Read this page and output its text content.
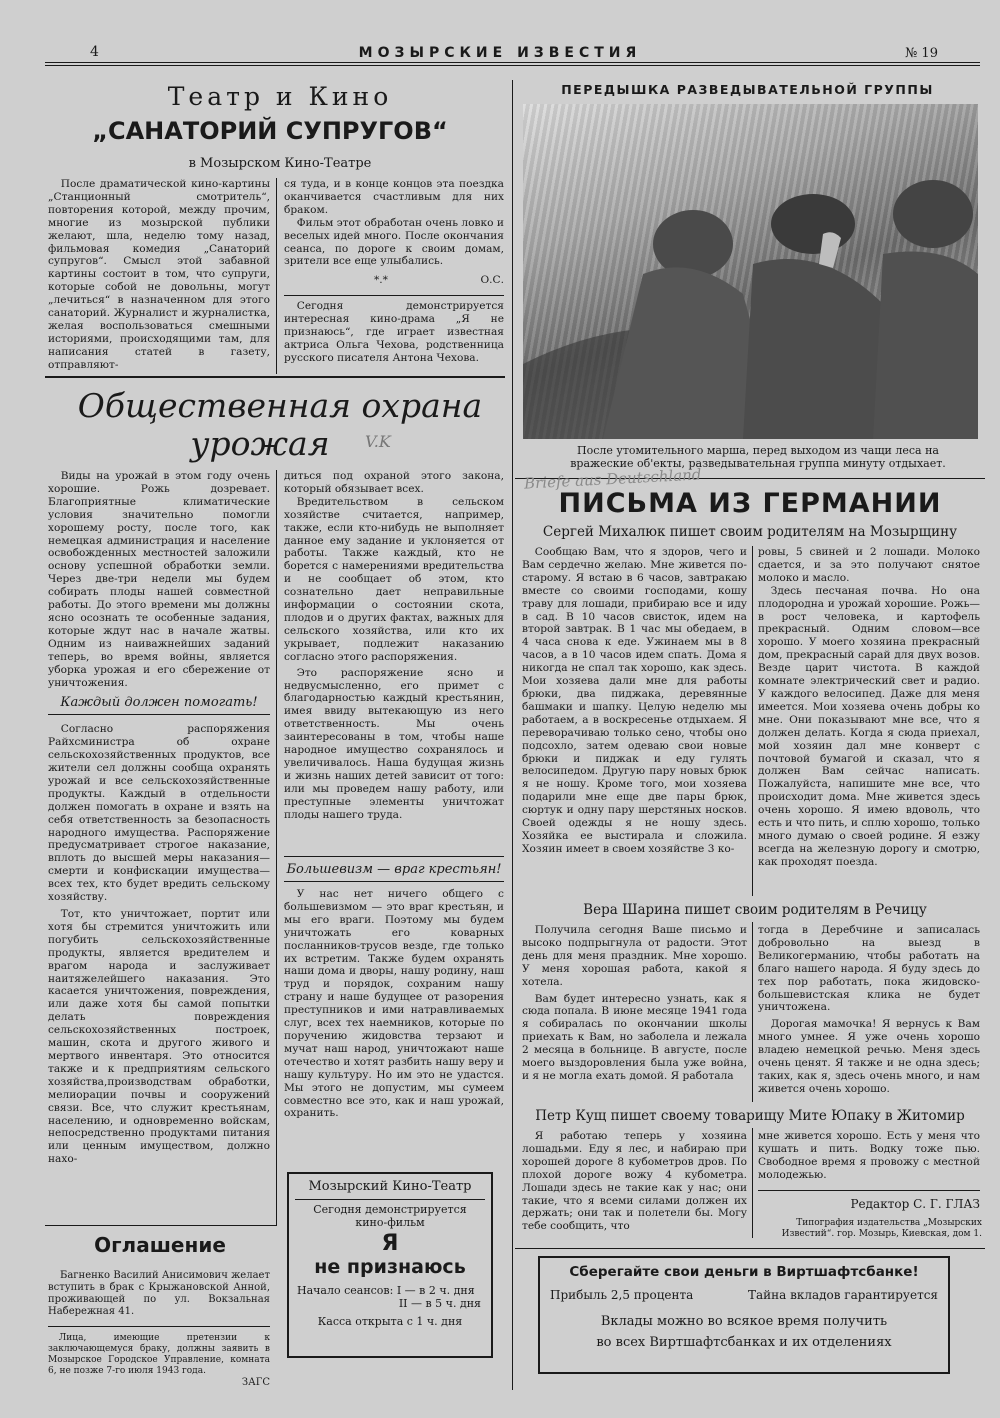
4	МОЗЫРСКИЕ ИЗВЕСТИЯ	№ 19
Театр и Кино
„САНАТОРИЙ СУПРУГОВ“
в Мозырском Кино-Театре

После драматической кино-картины „Станционный смотритель“, повторения которой, между прочим, многие из мозырской публики желают, шла, неделю тому назад, фильмовая комедия „Санаторий супругов“. Смысл этой забавной картины состоит в том, что супруги, которые собой не довольны, могут „лечиться“ в назначенном для этого санаторий. Журналист и журналистка, желая воспользоваться смешными историями, происходящими там, для написания статей в газету, отправляют-

ся туда, и в конце концов эта поездка оканчивается счастливым для них браком.

Фильм этот обработан очень ловко и веселых идей много. После окончания сеанса, по дороге к своим домам, зрители все еще улыбались.

*.*	О.С.

Сегодня демонстрируется интересная кино-драма „Я не признаюсь“, где играет известная актриса Ольга Чехова, родственница русского писателя Антона Чехова.

Общественная охрана
урожая	V.K

Виды на урожай в этом году очень хорошие. Рожь дозревает. Благоприятные климатические условия значительно помогли хорошему росту, после того, как немецкая администрация и население освобожденных местностей заложили основу успешной обработки земли. Через две-три недели мы будем собирать плоды нашей совместной работы. До этого времени мы должны ясно осознать те особенные задания, которые ждут нас в начале жатвы. Одним из наиважнейших заданий теперь, во время войны, является уборка урожая и его сбережение от уничтожения.

Каждый должен помогать!

Согласно распоряжения Райхсминистра об охране сельскохозяйственных продуктов, все жители сел должны сообща охранять урожай и все сельскохозяйственные продукты. Каждый в отдельности должен помогать в охране и взять на себя ответственность за безопасность народного имущества. Распоряжение предусматривает строгое наказание, вплоть до высшей меры наказания—смерти и конфискации имущества—всех тех, кто будет вредить сельскому хозяйству.

Тот, кто уничтожает, портит или хотя бы стремится уничтожить или погубить сельскохозяйственные продукты, является вредителем и врагом народа и заслуживает наитяжелейшего наказания. Это касается уничтожения, повреждения, или даже хотя бы самой попытки делать повреждения сельскохозяйственных построек, машин, скота и другого живого и мертвого инвентаря. Это относится также и к предприятиям сельского хозяйства,производствам обработки, мелиорации почвы и сооружений связи. Все, что служит крестьянам, населению, и одновременно войскам, непосредственно продуктами питания или ценным имуществом, должно нахо-

диться под охраной этого закона, который обязывает всех.

Вредительством в сельском хозяйстве считается, например, также, если кто-нибудь не выполняет данное ему задание и уклоняется от работы. Также каждый, кто не борется с намерениями вредительства и не сообщает об этом, кто сознательно дает неправильные информации о состоянии скота, плодов и о других фактах, важных для сельского хозяйства, или кто их укрывает, подлежит наказанию согласно этого распоряжения.

Это распоряжение ясно и недвусмысленно, его примет с благодарностью каждый крестьянин, имея ввиду вытекающую из него ответственность. Мы очень заинтересованы в том, чтобы наше народное имущество сохранялось и увеличивалось. Наша будущая жизнь и жизнь наших детей зависит от того: или мы проведем нашу работу, или преступные элементы уничтожат плоды нашего труда.

Большевизм — враг крестьян!

У нас нет ничего общего с большевизмом — это враг крестьян, и мы его враги. Поэтому мы будем уничтожать его коварных посланников-трусов везде, где только их встретим. Также будем охранять наши дома и дворы, нашу родину, наш труд и порядок, сохраним нашу страну и наше будущее от разорения преступников и ими натравливаемых слуг, всех тех наемников, которые по поручению жидовства терзают и мучат наш народ, уничтожают наше отечество и хотят разбить нашу веру и нашу культуру. Но им это не удастся. Мы этого не допустим, мы сумеем совместно все это, как и наш урожай, охранить.

Мозырский Кино-Театр
Сегодня демонстрируется
кино-фильм
Я
не признаюсь
Начало сеансов: I — в 2 ч. дня
II — в 5 ч. дня
Касса открыта с 1 ч. дня
Оглашение

Багненко Василий Анисимович желает вступить в брак с Крыжановской Анной, проживающей по ул. Вокзальная Набережная 41.

Лица, имеющие претензии к заключающемуся браку, должны заявить в Мозырское Городское Управление, комната 6, не позже 7-го июля 1943 года.

ЗАГС
ПЕРЕДЫШКА РАЗВЕДЫВАТЕЛЬНОЙ ГРУППЫ
После утомительного марша, перед выходом из чащи леса на вражеские об'екты, разведывательная группа минуту отдыхает.
Briefe aus Deutschland
ПИСЬМА ИЗ ГЕРМАНИИ
Сергей Михалюк пишет своим родителям на Мозырщину

Сообщаю Вам, что я здоров, чего и Вам сердечно желаю. Мне живется по-старому. Я встаю в 6 часов, завтракаю вместе со своими господами, кошу траву для лошади, прибираю все и иду в сад. В 10 часов свисток, идем на второй завтрак. В 1 час мы обедаем, в 4 часа снова к еде. Ужинаем мы в 8 часов, а в 10 часов идем спать. Дома я никогда не спал так хорошо, как здесь. Мои хозяева дали мне для работы брюки, два пиджака, деревянные башмаки и шапку. Целую неделю мы работаем, а в воскресенье отдыхаем. Я переворачиваю только сено, чтобы оно подсохло, затем одеваю свои новые брюки и пиджак и еду гулять велосипедом. Другую пару новых брюк я не ношу. Кроме того, мои хозяева подарили мне еще две пары брюк, сюртук и одну пару шерстяных носков. Своей одежды я не ношу здесь. Хозяйка ее выстирала и сложила. Хозяин имеет в своем хозяйстве 3 ко-

ровы, 5 свиней и 2 лошади. Молоко сдается, и за это получают снятое молоко и масло.

Здесь песчаная почва. Но она плодородна и урожай хорошие. Рожь—в рост человека, и картофель прекрасный. Одним словом—все хорошо. У моего хозяина прекрасный дом, прекрасный сарай для двух возов. Везде царит чистота. В каждой комнате электрический свет и радио. У каждого велосипед. Даже для меня имеется. Мои хозяева очень добры ко мне. Они показывают мне все, что я должен делать. Когда я сюда приехал, мой хозяин дал мне конверт с почтовой бумагой и сказал, что я должен Вам сейчас написать. Пожалуйста, напишите мне все, что происходит дома. Мне живется здесь очень хорошо. Я имею вдоволь, что есть и что пить, и сплю хорошо, только много думаю о своей родине. Я езжу всегда на железную дорогу и смотрю, как проходят поезда.

Вера Шарина пишет своим родителям в Речицу

Получила сегодня Ваше письмо и высоко подпрыгнула от радости. Этот день для меня праздник. Мне хорошо. У меня хорошая работа, какой я хотела.

Вам будет интересно узнать, как я сюда попала. В июне месяце 1941 года я собиралась по окончании школы приехать к Вам, но заболела и лежала 2 месяца в больнице. В августе, после моего выздоровления была уже война, и я не могла ехать домой. Я работала

тогда в Деребчине и записалась добровольно на выезд в Великогерманию, чтобы работать на благо нашего народа. Я буду здесь до тех пор работать, пока жидовско-большевистская клика не будет уничтожена.

Дорогая мамочка! Я вернусь к Вам много умнее. Я уже очень хорошо владею немецкой речью. Меня здесь очень ценят. Я также и не одна здесь; таких, как я, здесь очень много, и нам живется очень хорошо.

Петр Кущ пишет своему товарищу Мите Юпаку в Житомир

Я работаю теперь у хозяина лошадьми. Еду я лес, и набираю при хорошей дороге 8 кубометров дров. По плохой дороге вожу 4 кубометра. Лошади здесь не такие как у нас; они такие, что я всеми силами должен их держать; они так и полетели бы. Могу тебе сообщить, что

мне живется хорошо. Есть у меня что кушать и пить. Водку тоже пью. Свободное время я провожу с местной молодежью.

Редактор С. Г. ГЛАЗ
Типография издательства „Мозырских Известий“. гор. Мозырь, Киевская, дом 1.
Сберегайте свои деньги в Виртшафтсбанке!
Прибыль 2,5 процента	Тайна вкладов гарантируется
Вклады можно во всякое время получить
во всех Виртшафтсбанках и их отделениях
